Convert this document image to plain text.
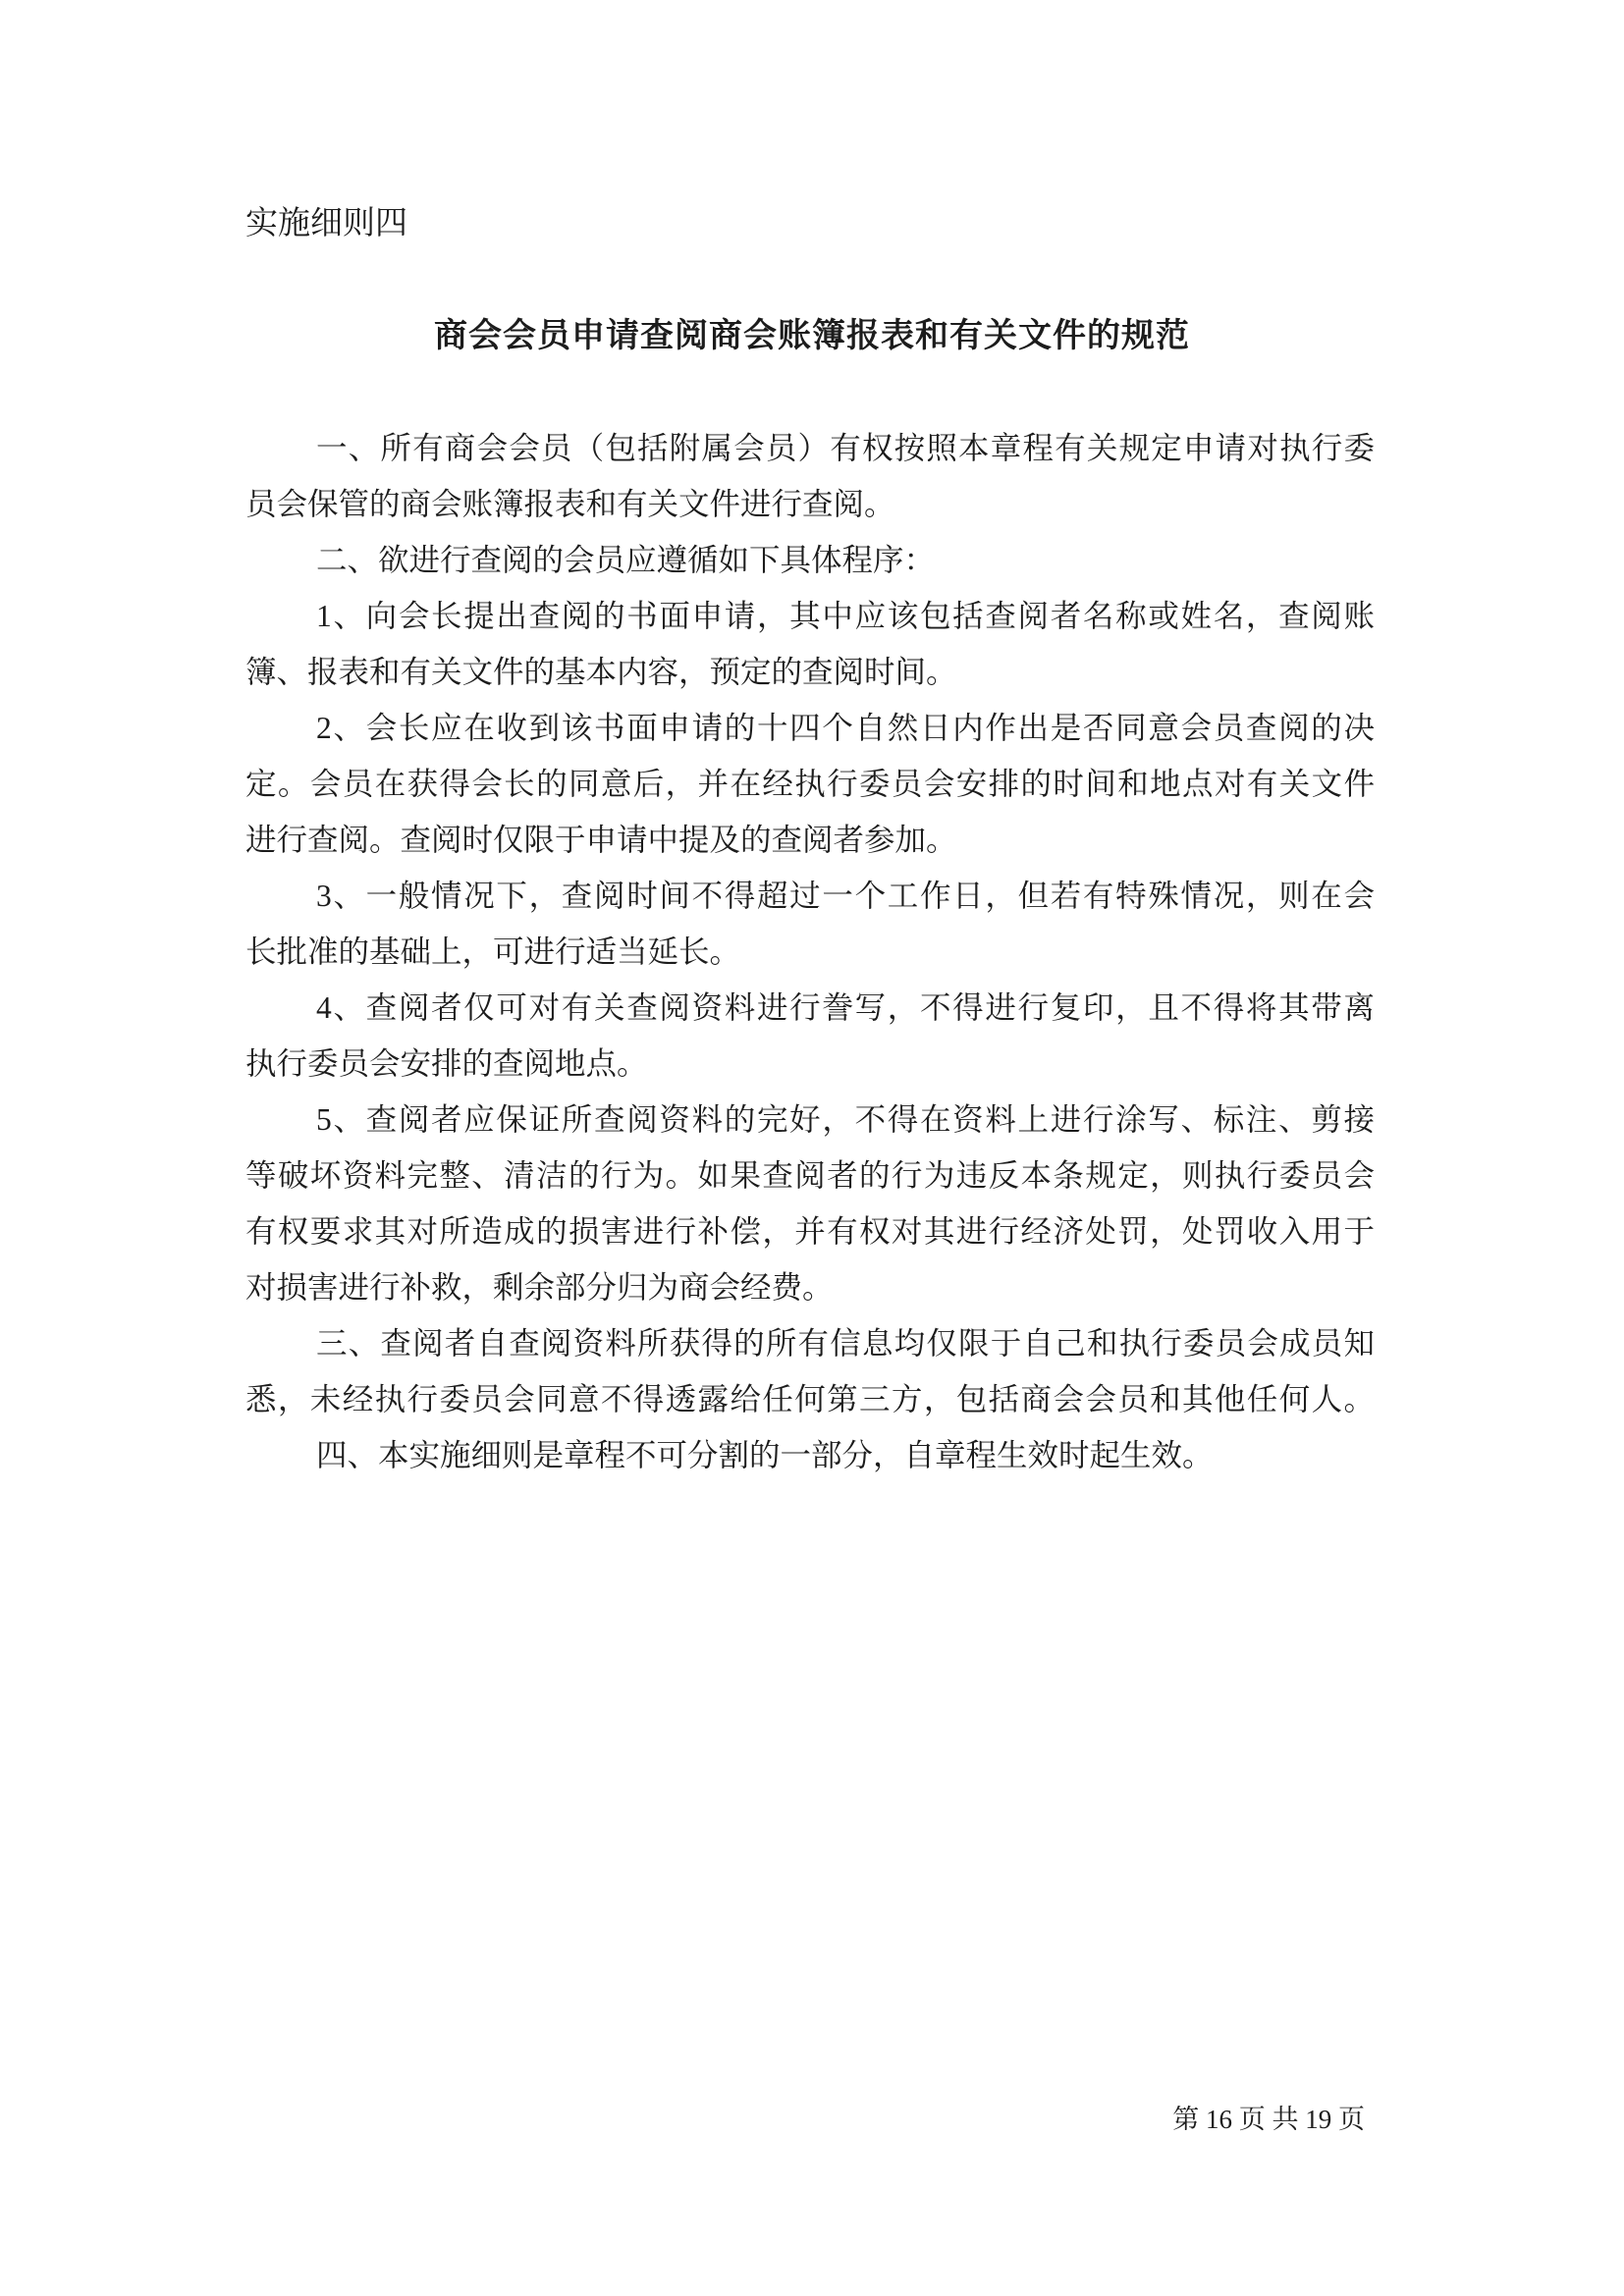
实施细则四
商会会员申请查阅商会账簿报表和有关文件的规范
一、所有商会会员（包括附属会员）有权按照本章程有关规定申请对执行委
员会保管的商会账簿报表和有关文件进行查阅。
二、欲进行查阅的会员应遵循如下具体程序：
1、向会长提出查阅的书面申请，其中应该包括查阅者名称或姓名，查阅账
簿、报表和有关文件的基本内容，预定的查阅时间。
2、会长应在收到该书面申请的十四个自然日内作出是否同意会员查阅的决
定。会员在获得会长的同意后，并在经执行委员会安排的时间和地点对有关文件
进行查阅。查阅时仅限于申请中提及的查阅者参加。
3、一般情况下，查阅时间不得超过一个工作日，但若有特殊情况，则在会
长批准的基础上，可进行适当延长。
4、查阅者仅可对有关查阅资料进行誊写，不得进行复印，且不得将其带离
执行委员会安排的查阅地点。
5、查阅者应保证所查阅资料的完好，不得在资料上进行涂写、标注、剪接
等破坏资料完整、清洁的行为。如果查阅者的行为违反本条规定，则执行委员会
有权要求其对所造成的损害进行补偿，并有权对其进行经济处罚，处罚收入用于
对损害进行补救，剩余部分归为商会经费。
三、查阅者自查阅资料所获得的所有信息均仅限于自己和执行委员会成员知
悉，未经执行委员会同意不得透露给任何第三方，包括商会会员和其他任何人。
四、本实施细则是章程不可分割的一部分，自章程生效时起生效。
第 16 页 共 19 页
